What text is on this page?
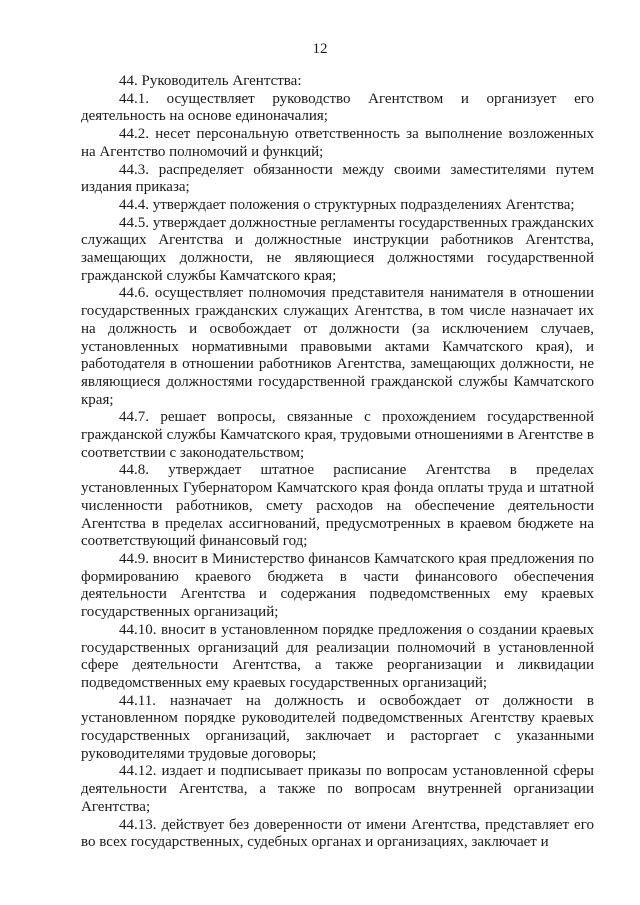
12

44. Руководитель Агентства:

44.1. осуществляет руководство Агентством и организует его деятельность на основе единоначалия;

44.2. несет персональную ответственность за выполнение возложенных на Агентство полномочий и функций;

44.3. распределяет обязанности между своими заместителями путем издания приказа;

44.4. утверждает положения о структурных подразделениях Агентства;

44.5. утверждает должностные регламенты государственных гражданских служащих Агентства и должностные инструкции работников Агентства, замещающих должности, не являющиеся должностями государственной гражданской службы Камчатского края;

44.6. осуществляет полномочия представителя нанимателя в отношении государственных гражданских служащих Агентства, в том числе назначает их на должность и освобождает от должности (за исключением случаев, установленных нормативными правовыми актами Камчатского края), и работодателя в отношении работников Агентства, замещающих должности, не являющиеся должностями государственной гражданской службы Камчатского края;

44.7. решает вопросы, связанные с прохождением государственной гражданской службы Камчатского края, трудовыми отношениями в Агентстве в соответствии с законодательством;

44.8. утверждает штатное расписание Агентства в пределах установленных Губернатором Камчатского края фонда оплаты труда и штатной численности работников, смету расходов на обеспечение деятельности Агентства в пределах ассигнований, предусмотренных в краевом бюджете на соответствующий финансовый год;

44.9. вносит в Министерство финансов Камчатского края предложения по формированию краевого бюджета в части финансового обеспечения деятельности Агентства и содержания подведомственных ему краевых государственных организаций;

44.10. вносит в установленном порядке предложения о создании краевых государственных организаций для реализации полномочий в установленной сфере деятельности Агентства, а также реорганизации и ликвидации подведомственных ему краевых государственных организаций;

44.11. назначает на должность и освобождает от должности в установленном порядке руководителей подведомственных Агентству краевых государственных организаций, заключает и расторгает с указанными руководителями трудовые договоры;

44.12. издает и подписывает приказы по вопросам установленной сферы деятельности Агентства, а также по вопросам внутренней организации Агентства;

44.13. действует без доверенности от имени Агентства, представляет его во всех государственных, судебных органах и организациях, заключает и
